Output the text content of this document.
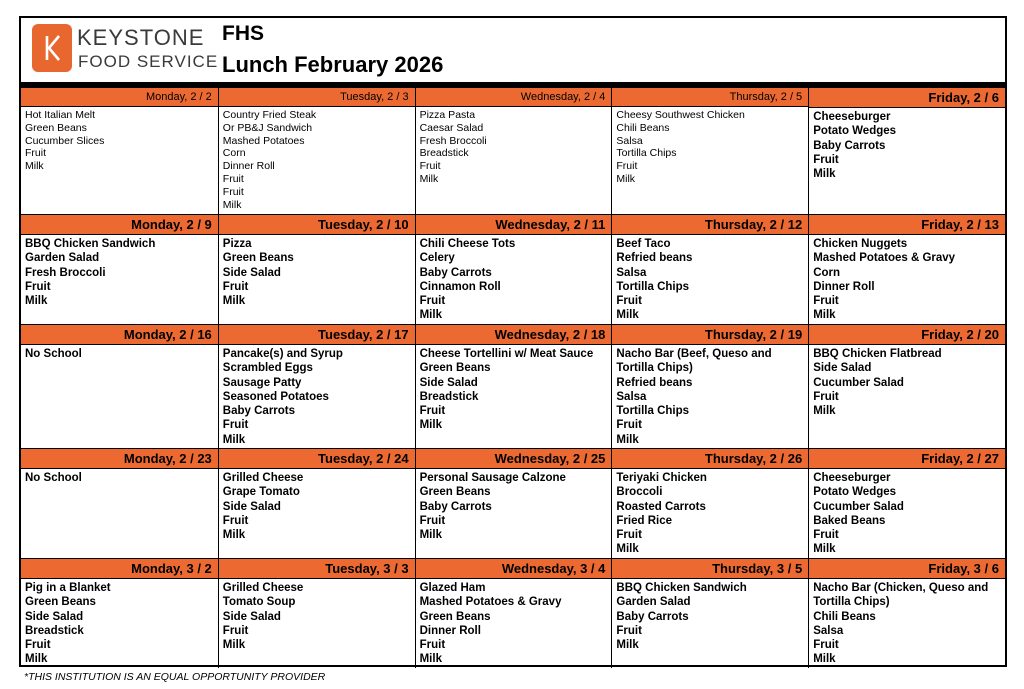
KEYSTONE
FOOD SERVICE
FHS
Lunch February 2026
Monday, 2 / 2
Hot Italian Melt
Green Beans
Cucumber Slices
Fruit
Milk
Tuesday, 2 / 3
Country Fried Steak
Or PB&J Sandwich
Mashed Potatoes
Corn
Dinner Roll
Fruit
Fruit
Milk
Wednesday, 2 / 4
Pizza Pasta
Caesar Salad
Fresh Broccoli
Breadstick
Fruit
Milk
Thursday, 2 / 5
Cheesy Southwest Chicken
Chili Beans
Salsa
Tortilla Chips
Fruit
Milk
Friday, 2 / 6
Cheeseburger
Potato Wedges
Baby Carrots
Fruit
Milk
Monday, 2 / 9
BBQ Chicken Sandwich
Garden Salad
Fresh Broccoli
Fruit
Milk
Tuesday, 2 / 10
Pizza
Green Beans
Side Salad
Fruit
Milk
Wednesday, 2 / 11
Chili Cheese Tots
Celery
Baby Carrots
Cinnamon Roll
Fruit
Milk
Thursday, 2 / 12
Beef Taco
Refried beans
Salsa
Tortilla Chips
Fruit
Milk
Friday, 2 / 13
Chicken Nuggets
Mashed Potatoes & Gravy
Corn
Dinner Roll
Fruit
Milk
Monday, 2 / 16
No School
Tuesday, 2 / 17
Pancake(s) and Syrup
Scrambled Eggs
Sausage Patty
Seasoned Potatoes
Baby Carrots
Fruit
Milk
Wednesday, 2 / 18
Cheese Tortellini w/ Meat Sauce
Green Beans
Side Salad
Breadstick
Fruit
Milk
Thursday, 2 / 19
Nacho Bar (Beef, Queso and
Tortilla Chips)
Refried beans
Salsa
Tortilla Chips
Fruit
Milk
Friday, 2 / 20
BBQ Chicken Flatbread
Side Salad
Cucumber Salad
Fruit
Milk
Monday, 2 / 23
No School
Tuesday, 2 / 24
Grilled Cheese
Grape Tomato
Side Salad
Fruit
Milk
Wednesday, 2 / 25
Personal Sausage Calzone
Green Beans
Baby Carrots
Fruit
Milk
Thursday, 2 / 26
Teriyaki Chicken
Broccoli
Roasted Carrots
Fried Rice
Fruit
Milk
Friday, 2 / 27
Cheeseburger
Potato Wedges
Cucumber Salad
Baked Beans
Fruit
Milk
Monday, 3 / 2
Pig in a Blanket
Green Beans
Side Salad
Breadstick
Fruit
Milk
Tuesday, 3 / 3
Grilled Cheese
Tomato Soup
Side Salad
Fruit
Milk
Wednesday, 3 / 4
Glazed Ham
Mashed Potatoes & Gravy
Green Beans
Dinner Roll
Fruit
Milk
Thursday, 3 / 5
BBQ Chicken Sandwich
Garden Salad
Baby Carrots
Fruit
Milk
Friday, 3 / 6
Nacho Bar (Chicken, Queso and
Tortilla Chips)
Chili Beans
Salsa
Fruit
Milk
*THIS INSTITUTION IS AN EQUAL OPPORTUNITY PROVIDER
